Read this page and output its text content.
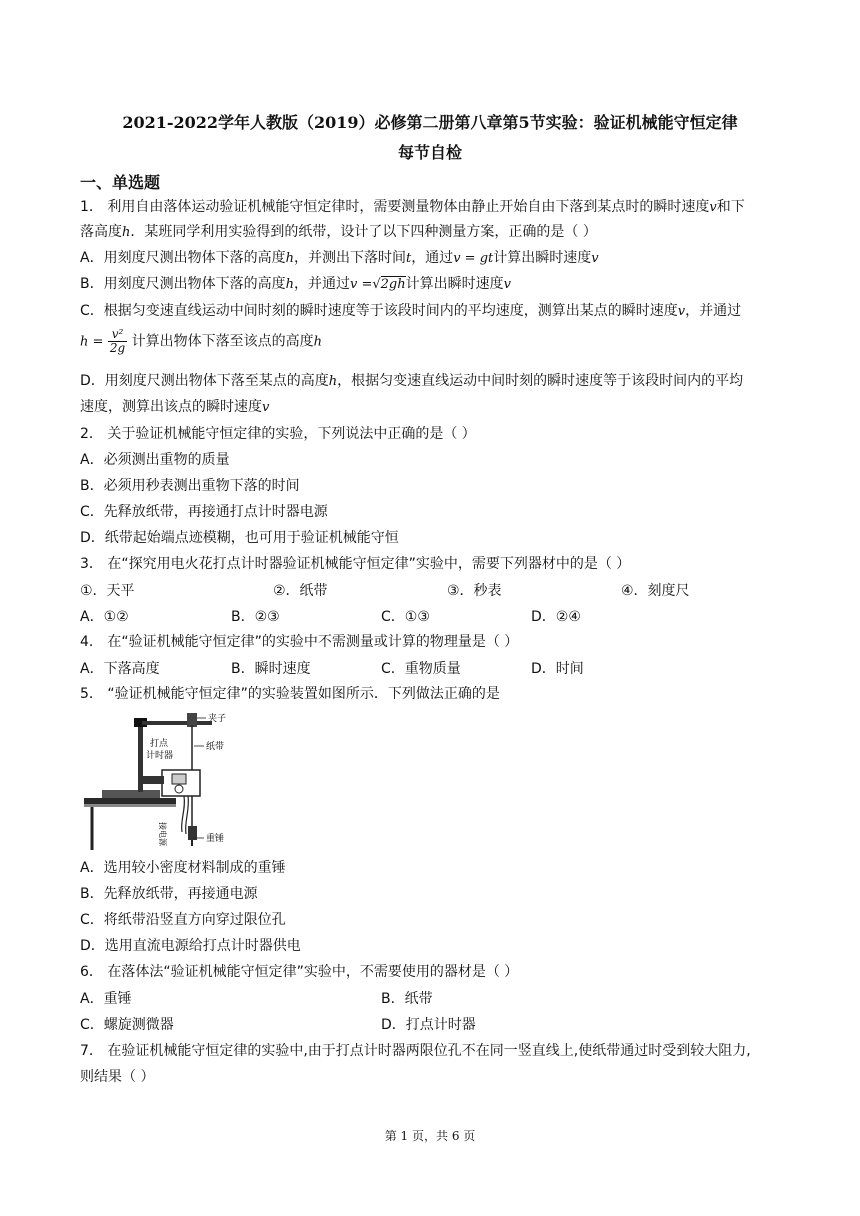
2021-2022学年人教版（2019）必修第二册第八章第5节实验：验证机械能守恒定律
每节自检
一、单选题
1． 利用自由落体运动验证机械能守恒定律时，需要测量物体由静止开始自由下落到某点时的瞬时速度v和下
落高度h．某班同学利用实验得到的纸带，设计了以下四种测量方案，正确的是（ ）
A．用刻度尺测出物体下落的高度h，并测出下落时间t，通过v = gt计算出瞬时速度v
B．用刻度尺测出物体下落的高度h，并通过v =√2gh计算出瞬时速度v
C．根据匀变速直线运动中间时刻的瞬时速度等于该段时间内的平均速度，测算出某点的瞬时速度v，并通过
$h = \frac{\text{v²}}{2g}$ 计算出物体下落至该点的高度h
D．用刻度尺测出物体下落至某点的高度h，根据匀变速直线运动中间时刻的瞬时速度等于该段时间内的平均
速度，测算出该点的瞬时速度v
2． 关于验证机械能守恒定律的实验，下列说法中正确的是（ ）
A．必须测出重物的质量
B．必须用秒表测出重物下落的时间
C．先释放纸带，再接通打点计时器电源
D．纸带起始端点迹模糊，也可用于验证机械能守恒
3． 在“探究用电火花打点计时器验证机械能守恒定律”实验中，需要下列器材中的是（ ）
①．天平	②．纸带	③．秒表	④．刻度尺
A．①②	B．②③	C．①③	D．②④
4． 在“验证机械能守恒定律”的实验中不需测量或计算的物理量是（ ）
A．下落高度	B．瞬时速度	C．重物质量	D．时间
5． “验证机械能守恒定律”的实验装置如图所示．下列做法正确的是
夹子
纸带
打点
计时器
接电源	重锤
A．选用较小密度材料制成的重锤
B．先释放纸带，再接通电源
C．将纸带沿竖直方向穿过限位孔
D．选用直流电源给打点计时器供电
6． 在落体法“验证机械能守恒定律”实验中，不需要使用的器材是（ ）
A．重锤	B．纸带
C．螺旋测微器	D．打点计时器
7． 在验证机械能守恒定律的实验中,由于打点计时器两限位孔不在同一竖直线上,使纸带通过时受到较大阻力,
则结果（ ）
第 1 页，共 6 页
